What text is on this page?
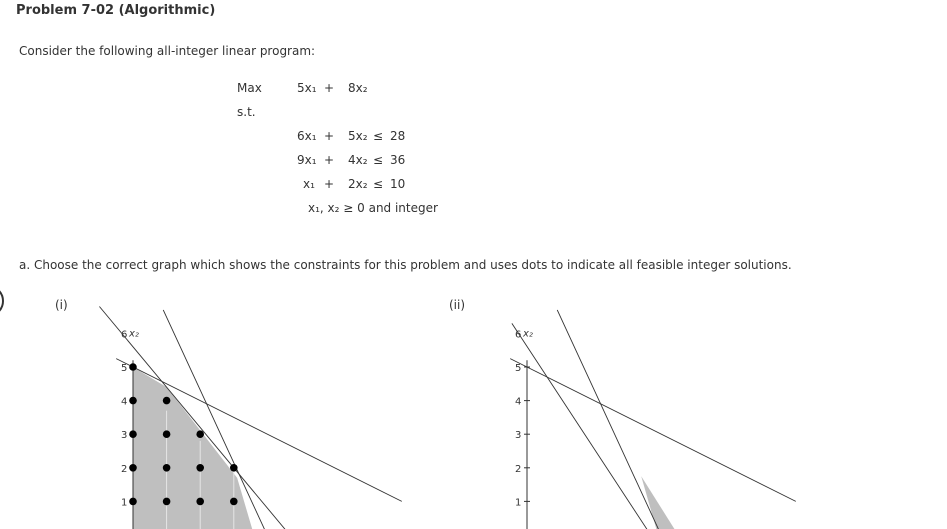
Problem 7-02 (Algorithmic)
Consider the following all-integer linear program:
Max	5x₁ + 8x₂
s.t.
6x₁ + 5x₂ ≤ 28
9x₁ + 4x₂ ≤ 36
x₁ + 2x₂ ≤ 10
x₁, x₂ ≥ 0 and integer
a. Choose the correct graph which shows the constraints for this problem and uses dots to indicate all feasible integer solutions.
(i)	(ii)
6
5
4
3
2
1
x₂	6
5
4
3
2
1
x₂
